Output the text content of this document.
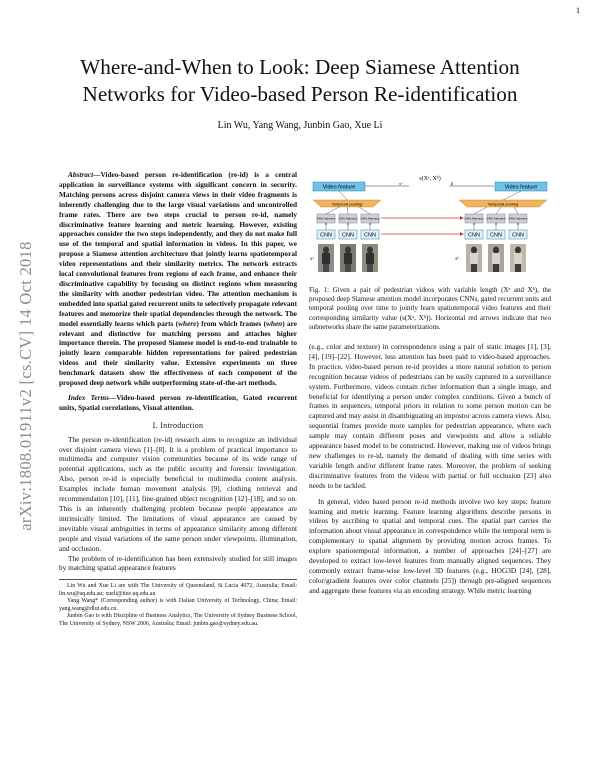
1
arXiv:1808.01911v2 [cs.CV] 14 Oct 2018
Where-and-When to Look: Deep Siamese Attention Networks for Video-based Person Re-identification
Lin Wu, Yang Wang, Junbin Gao, Xue Li

Abstract—Video-based person re-identification (re-id) is a central application in surveillance systems with significant concern in security. Matching persons across disjoint camera views in their video fragments is inherently challenging due to the large visual variations and uncontrolled frame rates. There are two steps crucial to person re-id, namely discriminative feature learning and metric learning. However, existing approaches consider the two steps independently, and they do not make full use of the temporal and spatial information in videos. In this paper, we propose a Siamese attention architecture that jointly learns spatiotemporal video representations and their similarity metrics. The network extracts local convolutional features from regions of each frame, and enhance their discriminative capability by focusing on distinct regions when measuring the similarity with another pedestrian video. The attention mechanism is embedded into spatial gated recurrent units to selectively propagate relevant features and memorize their spatial dependencies through the network. The model essentially learns which parts (where) from which frames (when) are relevant and distinctive for matching persons and attaches higher importance therein. The proposed Siamese model is end-to-end trainable to jointly learn comparable hidden representations for paired pedestrian videos and their similarity value. Extensive experiments on three benchmark datasets show the effectiveness of each component of the proposed deep network while outperforming state-of-the-art methods.

Index Terms—Video-based person re-identification, Gated recurrent units, Spatial correlations, Visual attention.

I. Introduction

The person re-identification (re-id) research aims to recognize an individual over disjoint camera views [1]–[8]. It is a problem of practical importance to multimedia and computer vision communities because of its wide range of potential applications, such as the public security and forensic investigation. Also, person re-id is especially beneficial to multimedia content analysis. Examples include human movement analysis [9], clothing retrieval and recommendation [10], [11], fine-grained object recognition [12]–[18], and so on. This is an inherently challenging problem because people appearance are intrinsically limited. The limitations of visual appearance are caused by inevitable visual ambiguities in terms of appearance similarity among different people and visual variations of the same person under viewpoints, illumination, and occlusion.

The problem of re-identification has been extensively studied for still images by matching spatial appearance features

Lin Wu and Xue Li are with The University of Queensland, St Lucia 4072, Australia; Email: lin.wu@uq.edu.au; xueli@itee.uq.edu.au

Yang Wang* (Corresponding author) is with Dalian University of Technology, China; Email: yang.wang@dlut.edu.cn.

Junbin Gao is with Discipline of Business Analytics, The University of Sydney Business School, The University of Sydney, NSW 2006, Australia; Email: junbin.gao@sydney.edu.au.

s(Xᵃ, Xᵇ)
xᵃ	β
Video feature	Video feature
Temporal pooling	Temporal pooling
GRU Attention GRU Attention GRU Attention	GRU Attention GRU Attention GRU Attention
CNN CNN CNN	CNN CNN CNN
xᵃ	xᵇ

Fig. 1: Given a pair of pedestrian videos with variable length (Xᵃ and Xᵇ), the proposed deep Siamese attention model incorporates CNNs, gated recurrent units and temporal pooling over time to jointly learn spatiotemporal video features and their corresponding similarity value (s(Xᵃ, Xᵇ)). Horizontal red arrows indicate that two subnetworks share the same parameterizations.

(e.g., color and texture) in correspondence using a pair of static images [1], [3], [4], [19]–[22]. However, less attention has been paid to video-based approaches. In practice, video-based person re-id provides a more natural solution to person recognition because videos of pedestrians can be easily captured in a surveillance system. Furthermore, videos contain richer information than a single image, and beneficial for identifying a person under complex conditions. Given a bunch of frames in sequences, temporal priors in relation to some person motion can be captured and may assist in disambiguating an impostor across camera views. Also, sequential frames provide more samples for pedestrian appearance, where each sample may contain different poses and viewpoints and allow a reliable appearance based model to be constructed. However, making use of videos brings new challenges to re-id, namely the demand of dealing with time series with variable length and/or different frame rates. Moreover, the problem of seeking discriminative features from the videos with partial or full occlusion [23] also needs to be tackled.

In general, video based person re-id methods involve two key steps: feature learning and metric learning. Feature learning algorithms describe persons in videos by ascribing to spatial and temporal cues. The spatial part carries the information about visual appearance in correspondence while the temporal term is complementary to spatial alignment by providing motion across frames. To explore spatiotemporal information, a number of approaches [24]–[27] are developed to extract low-level features from manually aligned sequences. They commonly extract frame-wise low-level 3D features (e.g., HOG3D [24], [28], color/gradient features over color channels [25]) through pre-aligned sequences and aggregate these features via an encoding strategy. While metric learning
